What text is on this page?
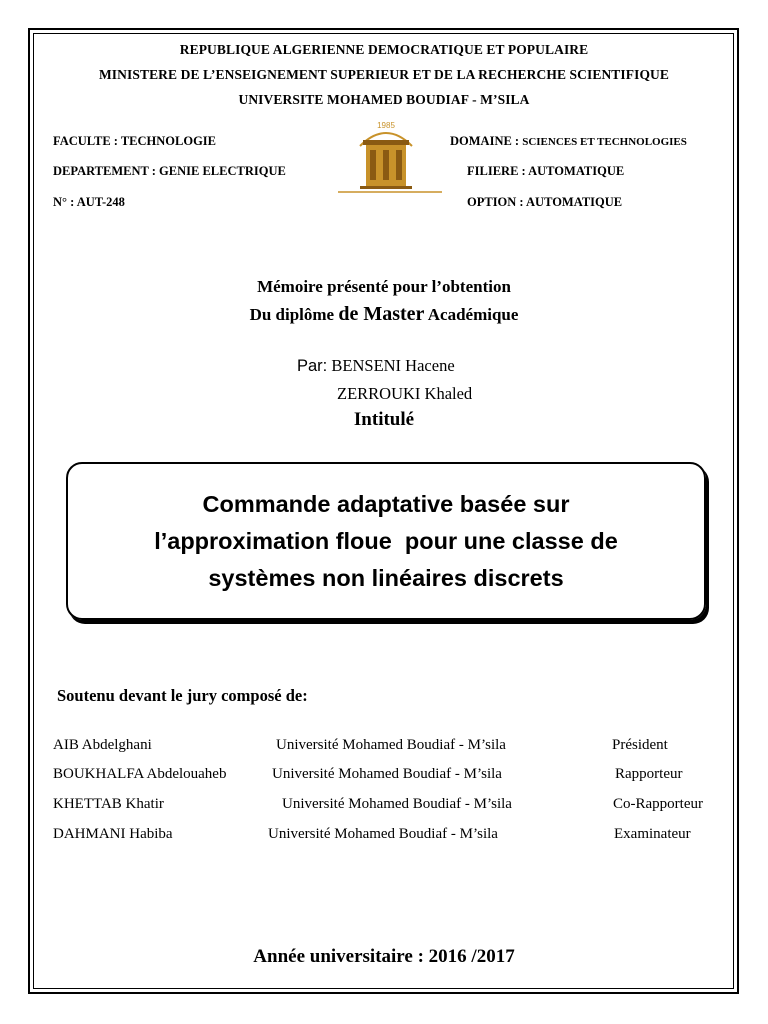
REPUBLIQUE ALGERIENNE DEMOCRATIQUE ET POPULAIRE
MINISTERE DE L’ENSEIGNEMENT SUPERIEUR ET DE LA RECHERCHE SCIENTIFIQUE
UNIVERSITE MOHAMED BOUDIAF - M’SILA
FACULTE : TECHNOLOGIE
DEPARTEMENT : GENIE ELECTRIQUE
N° : AUT-248
DOMAINE : SCIENCES ET TECHNOLOGIES
FILIERE : AUTOMATIQUE
OPTION : AUTOMATIQUE
1985
Mémoire présenté pour l’obtention
Du diplôme de Master Académique
Par: BENSENI Hacene
ZERROUKI Khaled
Intitulé
Commande adaptative basée sur
l’approximation floue  pour une classe de
systèmes non linéaires discrets
Soutenu devant le jury composé de:
AIB Abdelghani	Université Mohamed Boudiaf - M’sila	Président
BOUKHALFA Abdelouaheb	Université Mohamed Boudiaf - M’sila	Rapporteur
KHETTAB Khatir	Université Mohamed Boudiaf - M’sila	Co-Rapporteur
DAHMANI Habiba	Université Mohamed Boudiaf - M’sila	Examinateur
Année universitaire : 2016 /2017
